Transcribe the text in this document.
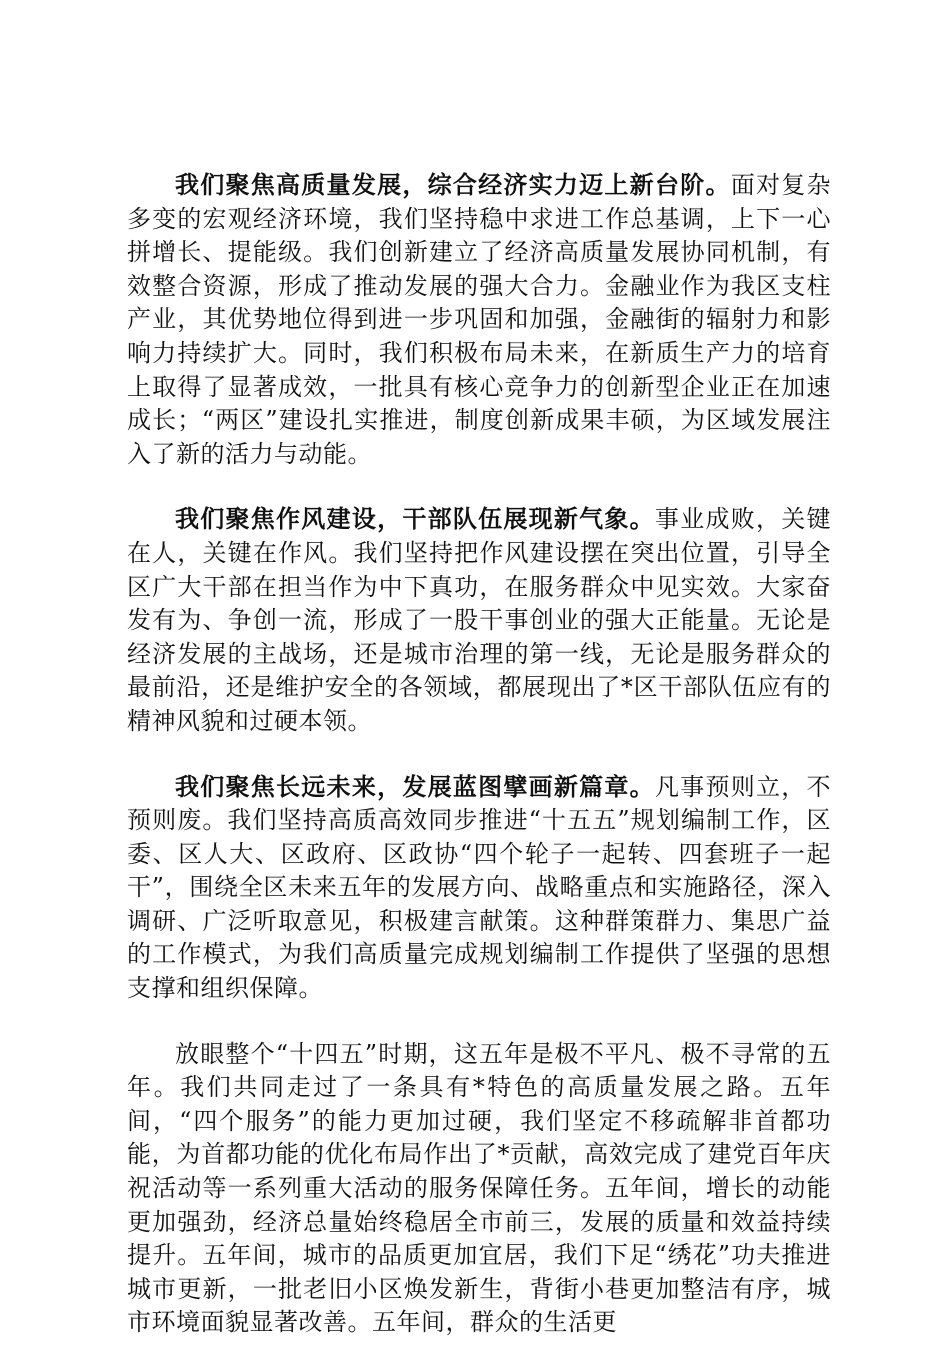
我们聚焦高质量发展，综合经济实力迈上新台阶。面对复杂多变的宏观经济环境，我们坚持稳中求进工作总基调，上下一心拼增长、提能级。我们创新建立了经济高质量发展协同机制，有效整合资源，形成了推动发展的强大合力。金融业作为我区支柱产业，其优势地位得到进一步巩固和加强，金融街的辐射力和影响力持续扩大。同时，我们积极布局未来，在新质生产力的培育上取得了显著成效，一批具有核心竞争力的创新型企业正在加速成长；“两区”建设扎实推进，制度创新成果丰硕，为区域发展注入了新的活力与动能。

我们聚焦作风建设，干部队伍展现新气象。事业成败，关键在人，关键在作风。我们坚持把作风建设摆在突出位置，引导全区广大干部在担当作为中下真功，在服务群众中见实效。大家奋发有为、争创一流，形成了一股干事创业的强大正能量。无论是经济发展的主战场，还是城市治理的第一线，无论是服务群众的最前沿，还是维护安全的各领域，都展现出了*区干部队伍应有的精神风貌和过硬本领。

我们聚焦长远未来，发展蓝图擘画新篇章。凡事预则立，不预则废。我们坚持高质高效同步推进“十五五”规划编制工作，区委、区人大、区政府、区政协“四个轮子一起转、四套班子一起干”，围绕全区未来五年的发展方向、战略重点和实施路径，深入调研、广泛听取意见，积极建言献策。这种群策群力、集思广益的工作模式，为我们高质量完成规划编制工作提供了坚强的思想支撑和组织保障。

放眼整个“十四五”时期，这五年是极不平凡、极不寻常的五年。我们共同走过了一条具有*特色的高质量发展之路。五年间，“四个服务”的能力更加过硬，我们坚定不移疏解非首都功能，为首都功能的优化布局作出了*贡献，高效完成了建党百年庆祝活动等一系列重大活动的服务保障任务。五年间，增长的动能更加强劲，经济总量始终稳居全市前三，发展的质量和效益持续提升。五年间，城市的品质更加宜居，我们下足“绣花”功夫推进城市更新，一批老旧小区焕发新生，背街小巷更加整洁有序，城市环境面貌显著改善。五年间，群众的生活更
